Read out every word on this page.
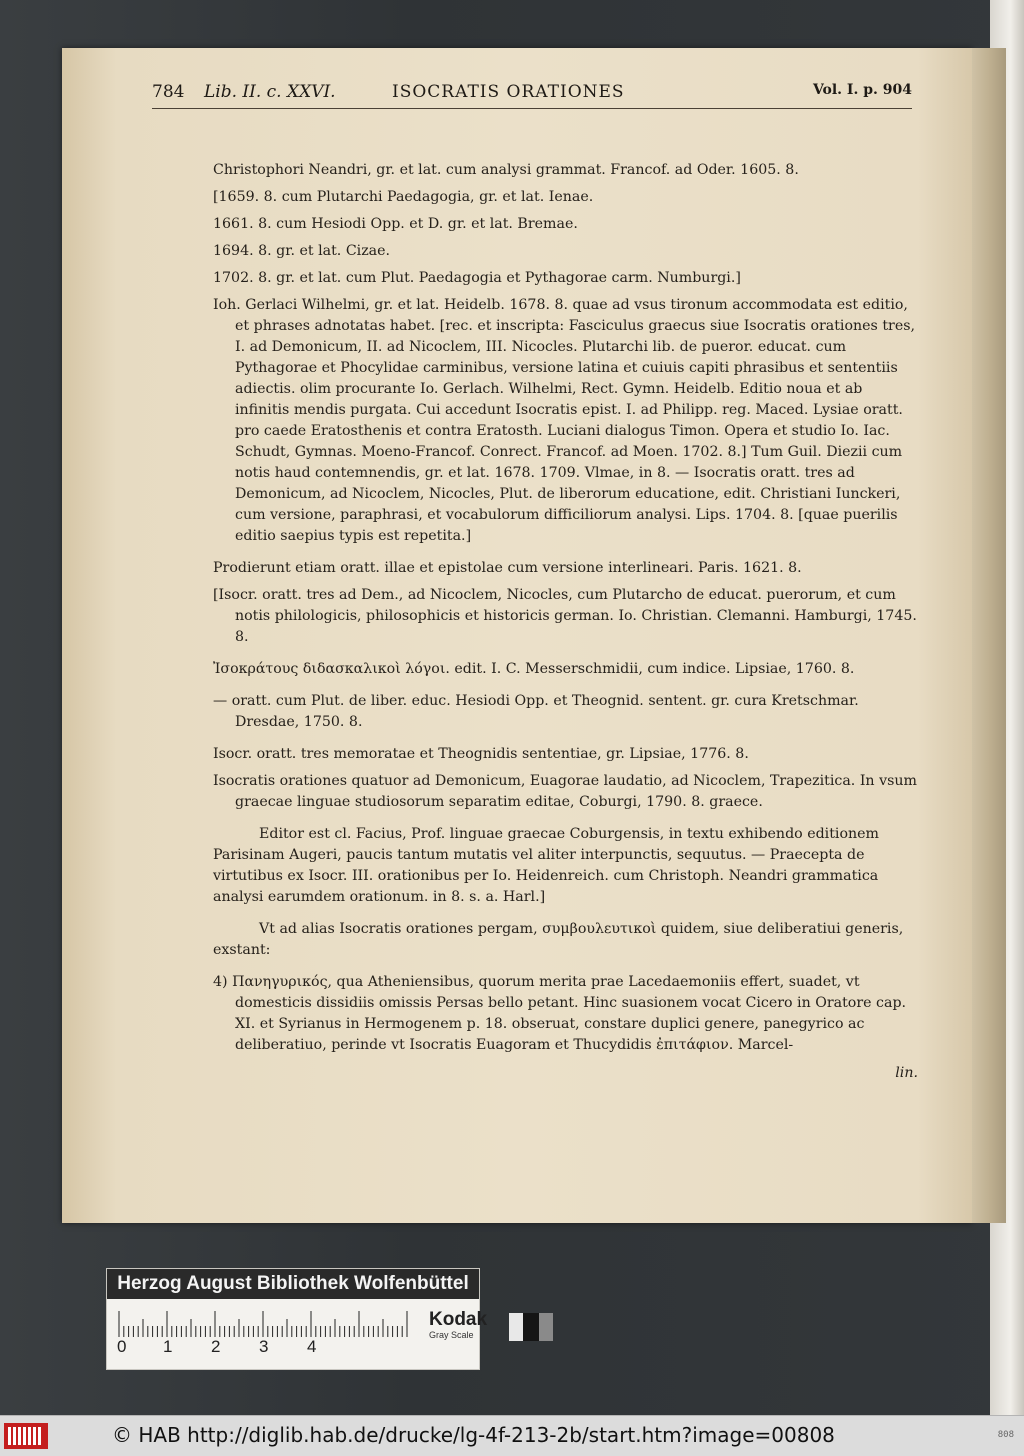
784 Lib. II. c. XXVI.	ISOCRATIS ORATIONES	Vol. I. p. 904

Christophori Neandri, gr. et lat. cum analysi grammat. Francof. ad Oder. 1605. 8.

[1659. 8. cum Plutarchi Paedagogia, gr. et lat. Ienae.

1661. 8. cum Hesiodi Opp. et D. gr. et lat. Bremae.

1694. 8. gr. et lat. Cizae.

1702. 8. gr. et lat. cum Plut. Paedagogia et Pythagorae carm. Numburgi.]

Ioh. Gerlaci Wilhelmi, gr. et lat. Heidelb. 1678. 8. quae ad vsus tironum accommodata est editio, et phrases adnotatas habet. [rec. et inscripta: Fasciculus graecus siue Isocratis orationes tres, I. ad Demonicum, II. ad Nicoclem, III. Nicocles. Plutarchi lib. de pueror. educat. cum Pythagorae et Phocylidae carminibus, versione latina et cuiuis capiti phrasibus et sententiis adiectis. olim procurante Io. Gerlach. Wilhelmi, Rect. Gymn. Heidelb. Editio noua et ab infinitis mendis purgata. Cui accedunt Isocratis epist. I. ad Philipp. reg. Maced. Lysiae oratt. pro caede Eratosthenis et contra Eratosth. Luciani dialogus Timon. Opera et studio Io. Iac. Schudt, Gymnas. Moeno-Francof. Conrect. Francof. ad Moen. 1702. 8.] Tum Guil. Diezii cum notis haud contemnendis, gr. et lat. 1678. 1709. Vlmae, in 8. — Isocratis oratt. tres ad Demonicum, ad Nicoclem, Nicocles, Plut. de liberorum educatione, edit. Christiani Iunckeri, cum versione, paraphrasi, et vocabulorum difficiliorum analysi. Lips. 1704. 8. [quae puerilis editio saepius typis est repetita.]

Prodierunt etiam oratt. illae et epistolae cum versione interlineari. Paris. 1621. 8.

[Isocr. oratt. tres ad Dem., ad Nicoclem, Nicocles, cum Plutarcho de educat. puerorum, et cum notis philologicis, philosophicis et historicis german. Io. Christian. Clemanni. Hamburgi, 1745. 8.

Ἰσοκράτους διδασκαλικοὶ λόγοι. edit. I. C. Messerschmidii, cum indice. Lipsiae, 1760. 8.

— oratt. cum Plut. de liber. educ. Hesiodi Opp. et Theognid. sentent. gr. cura Kretschmar. Dresdae, 1750. 8.

Isocr. oratt. tres memoratae et Theognidis sententiae, gr. Lipsiae, 1776. 8.

Isocratis orationes quatuor ad Demonicum, Euagorae laudatio, ad Nicoclem, Trapezitica. In vsum graecae linguae studiosorum separatim editae, Coburgi, 1790. 8. graece.

Editor est cl. Facius, Prof. linguae graecae Coburgensis, in textu exhibendo editionem Parisinam Augeri, paucis tantum mutatis vel aliter interpunctis, sequutus. — Praecepta de virtutibus ex Isocr. III. orationibus per Io. Heidenreich. cum Christoph. Neandri grammatica analysi earumdem orationum. in 8. s. a. Harl.]

Vt ad alias Isocratis orationes pergam, συμβουλευτικοὶ quidem, siue deliberatiui generis, exstant:

4) Πανηγυρικός, qua Atheniensibus, quorum merita prae Lacedaemoniis effert, suadet, vt domesticis dissidiis omissis Persas bello petant. Hinc suasionem vocat Cicero in Oratore cap. XI. et Syrianus in Hermogenem p. 18. obseruat, constare duplici genere, panegyrico ac deliberatiuo, perinde vt Isocratis Euagoram et Thucydidis ἐπιτάφιον. Marcel-

lin.
Herzog August Bibliothek Wolfenbüttel
0 1 2 3 4
Kodak
Gray Scale
© HAB http://diglib.hab.de/drucke/lg-4f-213-2b/start.htm?image=00808	808
